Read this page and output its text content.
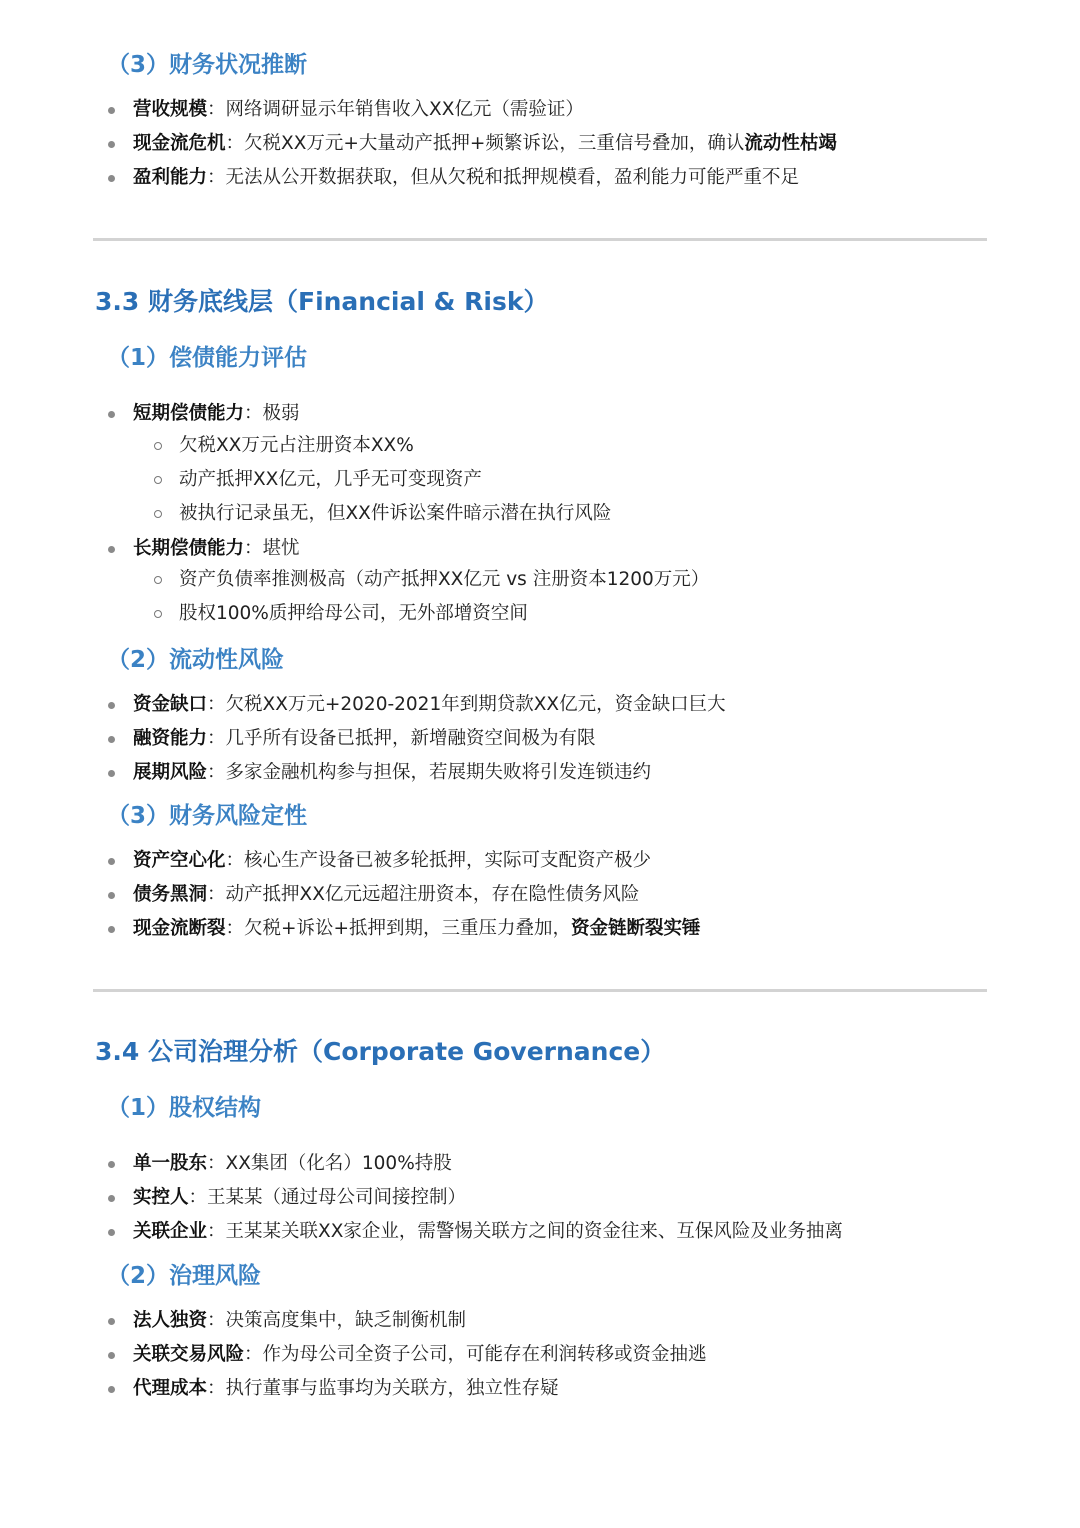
（3）财务状况推断
营收规模：网络调研显示年销售收入XX亿元（需验证）
现金流危机：欠税XX万元+大量动产抵押+频繁诉讼，三重信号叠加，确认流动性枯竭
盈利能力：无法从公开数据获取，但从欠税和抵押规模看，盈利能力可能严重不足
3.3 财务底线层（Financial & Risk）
（1）偿债能力评估
短期偿债能力：极弱
欠税XX万元占注册资本XX%
动产抵押XX亿元，几乎无可变现资产
被执行记录虽无，但XX件诉讼案件暗示潜在执行风险
长期偿债能力：堪忧
资产负债率推测极高（动产抵押XX亿元 vs 注册资本1200万元）
股权100%质押给母公司，无外部增资空间
（2）流动性风险
资金缺口：欠税XX万元+2020-2021年到期贷款XX亿元，资金缺口巨大
融资能力：几乎所有设备已抵押，新增融资空间极为有限
展期风险：多家金融机构参与担保，若展期失败将引发连锁违约
（3）财务风险定性
资产空心化：核心生产设备已被多轮抵押，实际可支配资产极少
债务黑洞：动产抵押XX亿元远超注册资本，存在隐性债务风险
现金流断裂：欠税+诉讼+抵押到期，三重压力叠加，资金链断裂实锤
3.4 公司治理分析（Corporate Governance）
（1）股权结构
单一股东：XX集团（化名）100%持股
实控人：王某某（通过母公司间接控制）
关联企业：王某某关联XX家企业，需警惕关联方之间的资金往来、互保风险及业务抽离
（2）治理风险
法人独资：决策高度集中，缺乏制衡机制
关联交易风险：作为母公司全资子公司，可能存在利润转移或资金抽逃
代理成本：执行董事与监事均为关联方，独立性存疑
